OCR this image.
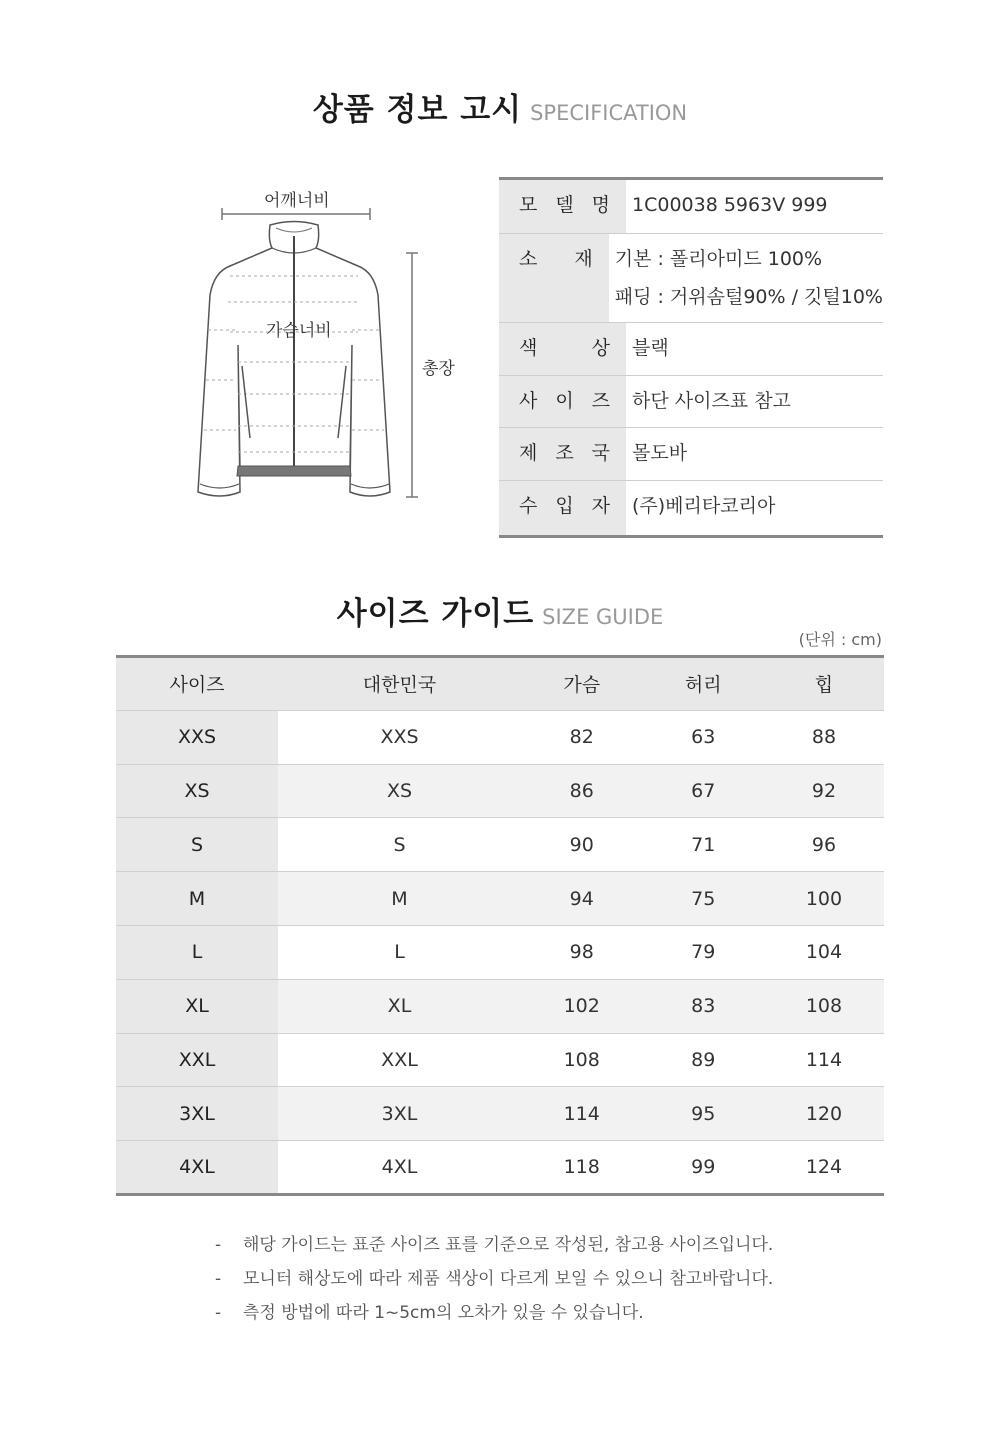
상품 정보 고시 SPECIFICATION
어깨너비
가슴너비
총장
모 델 명 1C00038 5963V 999
소 재 기본 : 폴리아미드 100%
패딩 : 거위솜털90% / 깃털10%
색	상 블랙
사 이 즈 하단 사이즈표 참고
제 조 국 몰도바
수 입 자 (주)베리타코리아
사이즈 가이드 SIZE GUIDE
(단위 : cm)
사이즈	대한민국	가슴	허리	힙
XXS	XXS	82	63	88
XS	XS	86	67	92
S	S	90	71	96
M	M	94	75	100
L	L	98	79	104
XL	XL	102	83	108
XXL	XXL	108	89	114
3XL	3XL	114	95	120
4XL	4XL	118	99	124
- 해당 가이드는 표준 사이즈 표를 기준으로 작성된, 참고용 사이즈입니다.
- 모니터 해상도에 따라 제품 색상이 다르게 보일 수 있으니 참고바랍니다.
- 측정 방법에 따라 1~5cm의 오차가 있을 수 있습니다.
